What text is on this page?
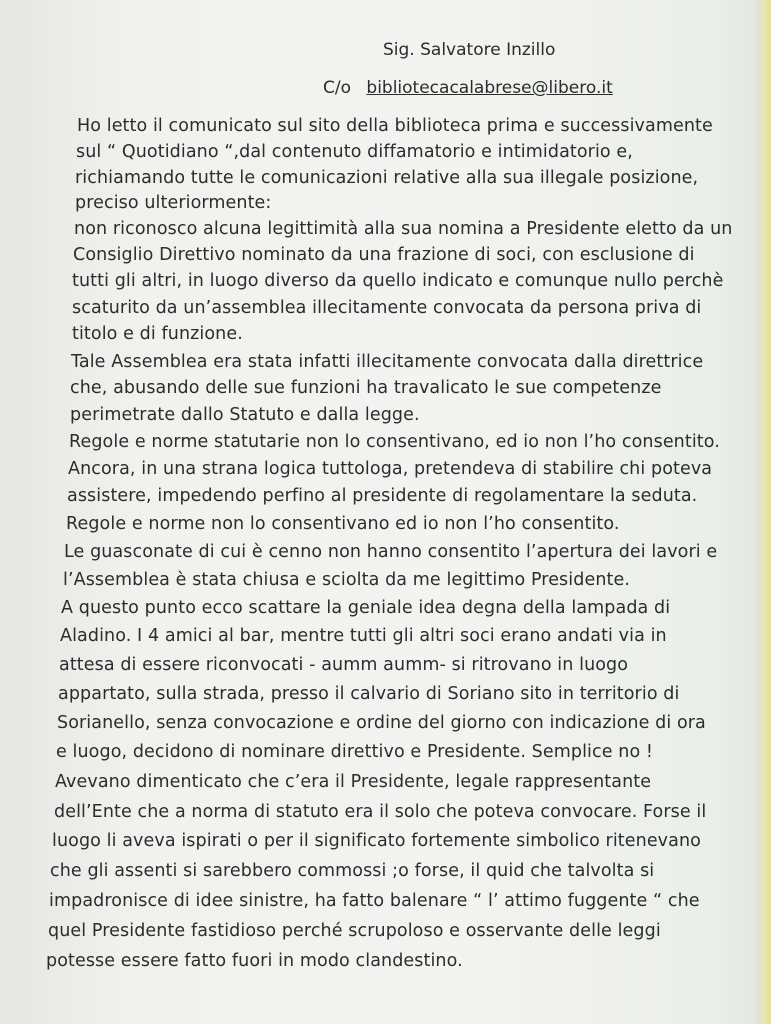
Sig. Salvatore Inzillo
C/o bibliotecacalabrese@libero.it
Ho letto il comunicato sul sito della biblioteca prima e successivamente
sul “ Quotidiano “,dal contenuto diffamatorio e intimidatorio e,
richiamando tutte le comunicazioni relative alla sua illegale posizione,
preciso ulteriormente:
non riconosco alcuna legittimità alla sua nomina a Presidente eletto da un
Consiglio Direttivo nominato da una frazione di soci, con esclusione di
tutti gli altri, in luogo diverso da quello indicato e comunque nullo perchè
scaturito da un’assemblea illecitamente convocata da persona priva di
titolo e di funzione.
Tale Assemblea era stata infatti illecitamente convocata dalla direttrice
che, abusando delle sue funzioni ha travalicato le sue competenze
perimetrate dallo Statuto e dalla legge.
Regole e norme statutarie non lo consentivano, ed io non l’ho consentito.
Ancora, in una strana logica tuttologa, pretendeva di stabilire chi poteva
assistere, impedendo perfino al presidente di regolamentare la seduta.
Regole e norme non lo consentivano ed io non l’ho consentito.
Le guasconate di cui è cenno non hanno consentito l’apertura dei lavori e
l’Assemblea è stata chiusa e sciolta da me legittimo Presidente.
A questo punto ecco scattare la geniale idea degna della lampada di
Aladino. I 4 amici al bar, mentre tutti gli altri soci erano andati via in
attesa di essere riconvocati - aumm aumm- si ritrovano in luogo
appartato, sulla strada, presso il calvario di Soriano sito in territorio di
Sorianello, senza convocazione e ordine del giorno con indicazione di ora
e luogo, decidono di nominare direttivo e Presidente. Semplice no !
Avevano dimenticato che c’era il Presidente, legale rappresentante
dell’Ente che a norma di statuto era il solo che poteva convocare. Forse il
luogo li aveva ispirati o per il significato fortemente simbolico ritenevano
che gli assenti si sarebbero commossi ;o forse, il quid che talvolta si
impadronisce di idee sinistre, ha fatto balenare “ l’ attimo fuggente “ che
quel Presidente fastidioso perché scrupoloso e osservante delle leggi
potesse essere fatto fuori in modo clandestino.
